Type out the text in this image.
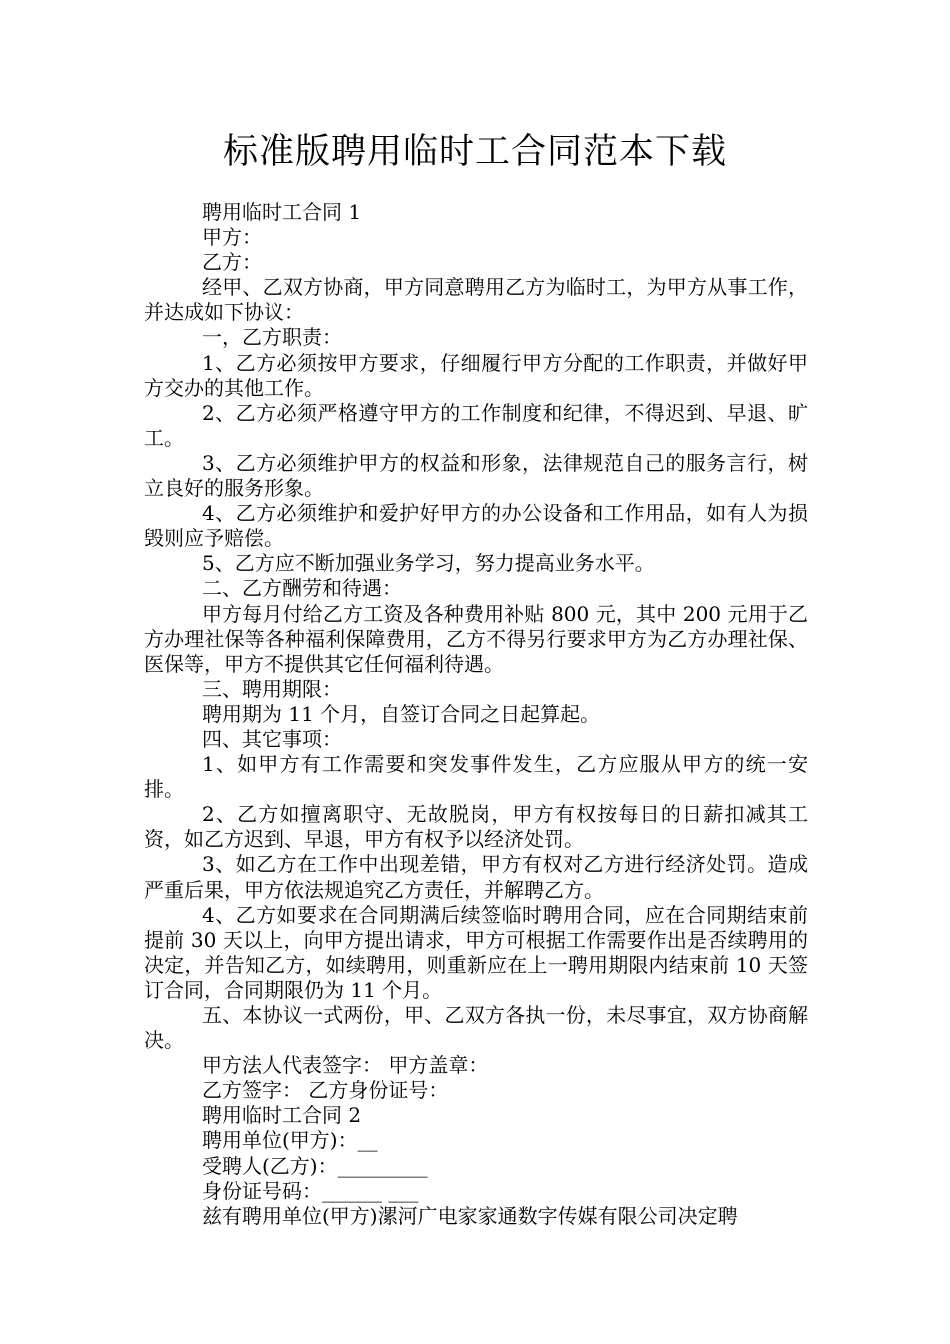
标准版聘用临时工合同范本下载

聘用临时工合同 1

甲方：

乙方：

经甲、乙双方协商，甲方同意聘用乙方为临时工，为甲方从事工作，并达成如下协议：

一，乙方职责：

1、乙方必须按甲方要求，仔细履行甲方分配的工作职责，并做好甲方交办的其他工作。

2、乙方必须严格遵守甲方的工作制度和纪律，不得迟到、早退、旷工。

3、乙方必须维护甲方的权益和形象，法律规范自己的服务言行，树立良好的服务形象。

4、乙方必须维护和爱护好甲方的办公设备和工作用品，如有人为损毁则应予赔偿。

5、乙方应不断加强业务学习，努力提高业务水平。

二、乙方酬劳和待遇：

甲方每月付给乙方工资及各种费用补贴 800 元，其中 200 元用于乙方办理社保等各种福利保障费用，乙方不得另行要求甲方为乙方办理社保、医保等，甲方不提供其它任何福利待遇。

三、聘用期限：

聘用期为 11 个月，自签订合同之日起算起。

四、其它事项：

1、如甲方有工作需要和突发事件发生，乙方应服从甲方的统一安排。

2、乙方如擅离职守、无故脱岗，甲方有权按每日的日薪扣减其工资，如乙方迟到、早退，甲方有权予以经济处罚。

3、如乙方在工作中出现差错，甲方有权对乙方进行经济处罚。造成严重后果，甲方依法规追究乙方责任，并解聘乙方。

4、乙方如要求在合同期满后续签临时聘用合同，应在合同期结束前提前 30 天以上，向甲方提出请求，甲方可根据工作需要作出是否续聘用的决定，并告知乙方，如续聘用，则重新应在上一聘用期限内结束前 10 天签订合同，合同期限仍为 11 个月。

五、本协议一式两份，甲、乙双方各执一份，未尽事宜，双方协商解决。

甲方法人代表签字： 甲方盖章：

乙方签字： 乙方身份证号：

聘用临时工合同 2

聘用单位(甲方)：__

受聘人(乙方)：_________

身份证号码：______ ___

兹有聘用单位(甲方)漯河广电家家通数字传媒有限公司决定聘
